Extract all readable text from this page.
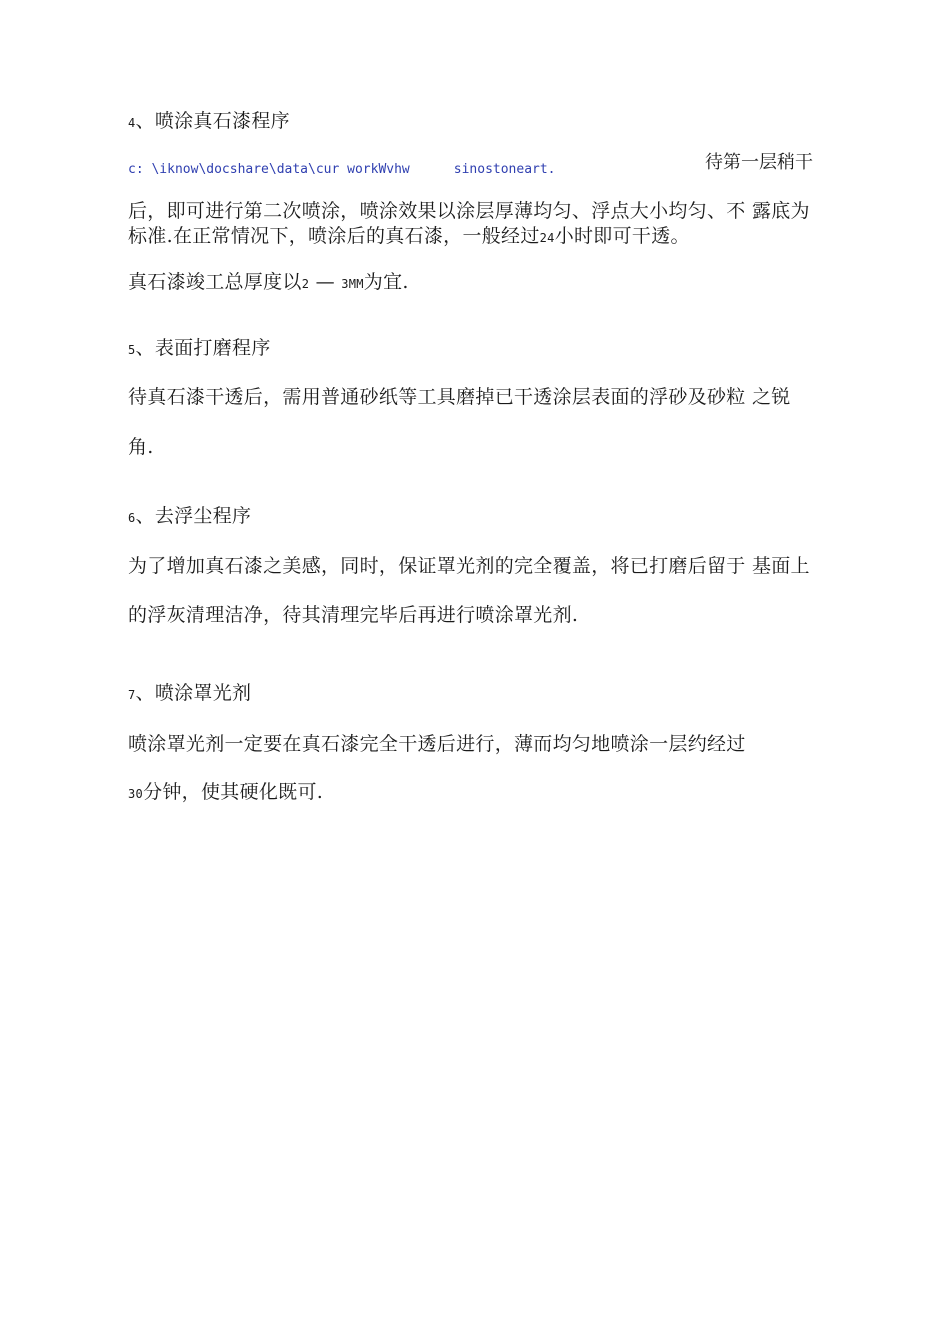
4、喷涂真石漆程序
c: \iknow\docshare\data\cur workWvhw	sinostoneart.	待第一层稍干
后，即可进行第二次喷涂，喷涂效果以涂层厚薄均匀、浮点大小均匀、不 露底为
标准.在正常情况下，喷涂后的真石漆，一般经过24小时即可干透。
真石漆竣工总厚度以2 — 3MM为宜.
5、表面打磨程序
待真石漆干透后，需用普通砂纸等工具磨掉已干透涂层表面的浮砂及砂粒 之锐
角.
6、去浮尘程序
为了增加真石漆之美感，同时，保证罩光剂的完全覆盖，将已打磨后留于 基面上
的浮灰清理洁净，待其清理完毕后再进行喷涂罩光剂.
7、喷涂罩光剂
喷涂罩光剂一定要在真石漆完全干透后进行，薄而均匀地喷涂一层约经过
30分钟，使其硬化既可.
